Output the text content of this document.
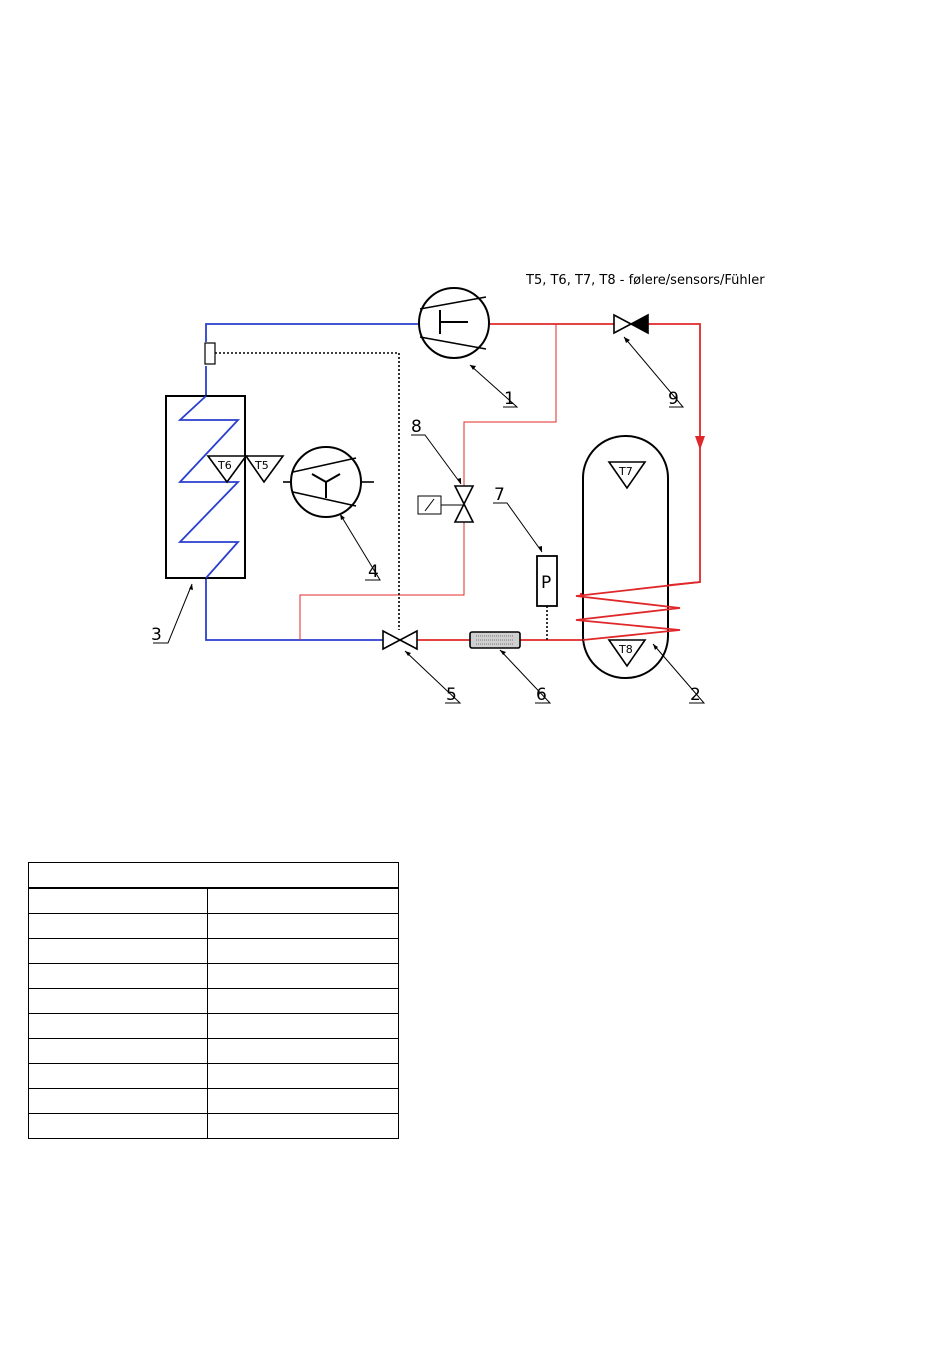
T5, T6, T7, T8 - følere/sensors/Fühler
T6 T5
P
T7
T8
1
2
3
4
5	6
7
8
9
